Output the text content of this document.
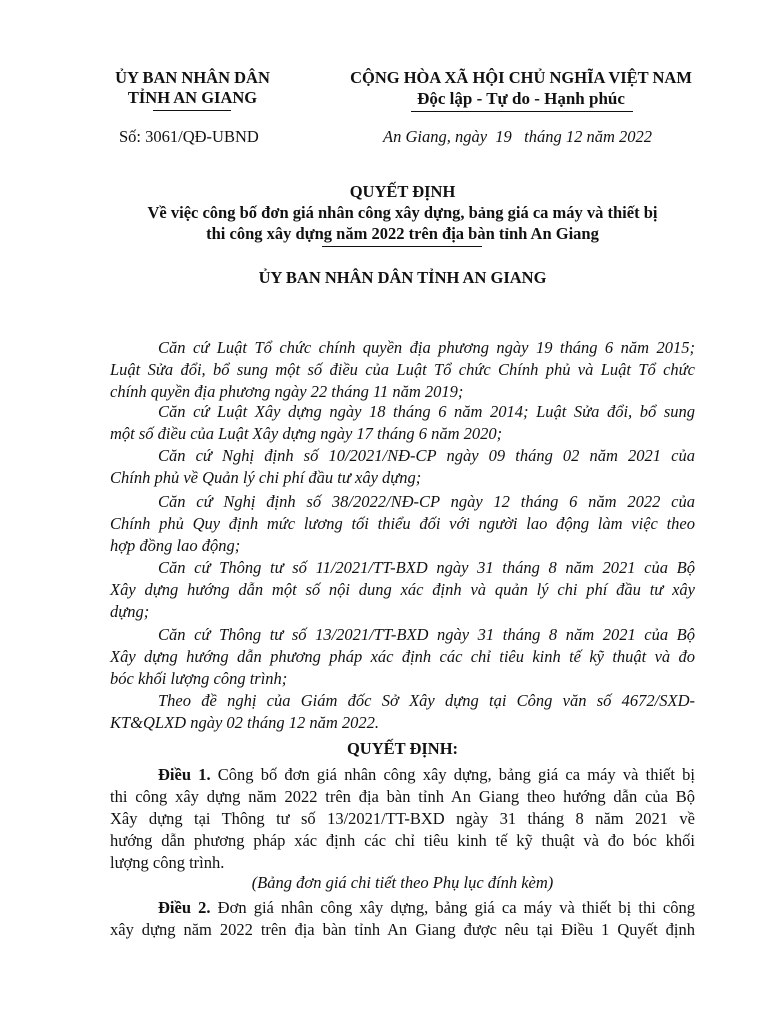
ỦY BAN NHÂN DÂN
TỈNH AN GIANG
CỘNG HÒA XÃ HỘI CHỦ NGHĨA VIỆT NAM
Độc lập - Tự do - Hạnh phúc
Số: 3061/QĐ-UBND	An Giang, ngày  19   tháng 12 năm 2022
QUYẾT ĐỊNH
Về việc công bố đơn giá nhân công xây dựng, bảng giá ca máy và thiết bị
thi công xây dựng năm 2022 trên địa bàn tỉnh An Giang
ỦY BAN NHÂN DÂN TỈNH AN GIANG
Căn cứ Luật Tổ chức chính quyền địa phương ngày 19 tháng 6 năm 2015;
Luật Sửa đổi, bổ sung một số điều của Luật Tổ chức Chính phủ và Luật Tổ chức
chính quyền địa phương ngày 22 tháng 11 năm 2019;
Căn cứ Luật Xây dựng ngày 18 tháng 6 năm 2014; Luật Sửa đổi, bổ sung
một số điều của Luật Xây dựng ngày 17 tháng 6 năm 2020;
Căn cứ Nghị định số 10/2021/NĐ-CP ngày 09 tháng 02 năm 2021 của
Chính phủ về Quản lý chi phí đầu tư xây dựng;
Căn cứ Nghị định số 38/2022/NĐ-CP ngày 12 tháng 6 năm 2022 của
Chính phủ Quy định mức lương tối thiểu đối với người lao động làm việc theo
hợp đồng lao động;
Căn cứ Thông tư số 11/2021/TT-BXD ngày 31 tháng 8 năm 2021 của Bộ
Xây dựng hướng dẫn một số nội dung xác định và quản lý chi phí đầu tư xây
dựng;
Căn cứ Thông tư số 13/2021/TT-BXD ngày 31 tháng 8 năm 2021 của Bộ
Xây dựng hướng dẫn phương pháp xác định các chỉ tiêu kinh tế kỹ thuật và đo
bóc khối lượng công trình;
Theo đề nghị của Giám đốc Sở Xây dựng tại Công văn số 4672/SXD-
KT&QLXD ngày 02 tháng 12 năm 2022.
QUYẾT ĐỊNH:
Điều 1. Công bố đơn giá nhân công xây dựng, bảng giá ca máy và thiết bị
thi công xây dựng năm 2022 trên địa bàn tỉnh An Giang theo hướng dẫn của Bộ
Xây dựng tại Thông tư số 13/2021/TT-BXD ngày 31 tháng 8 năm 2021 về
hướng dẫn phương pháp xác định các chỉ tiêu kinh tế kỹ thuật và đo bóc khối
lượng công trình.
(Bảng đơn giá chi tiết theo Phụ lục đính kèm)
Điều 2. Đơn giá nhân công xây dựng, bảng giá ca máy và thiết bị thi công
xây dựng năm 2022 trên địa bàn tỉnh An Giang được nêu tại Điều 1 Quyết định
